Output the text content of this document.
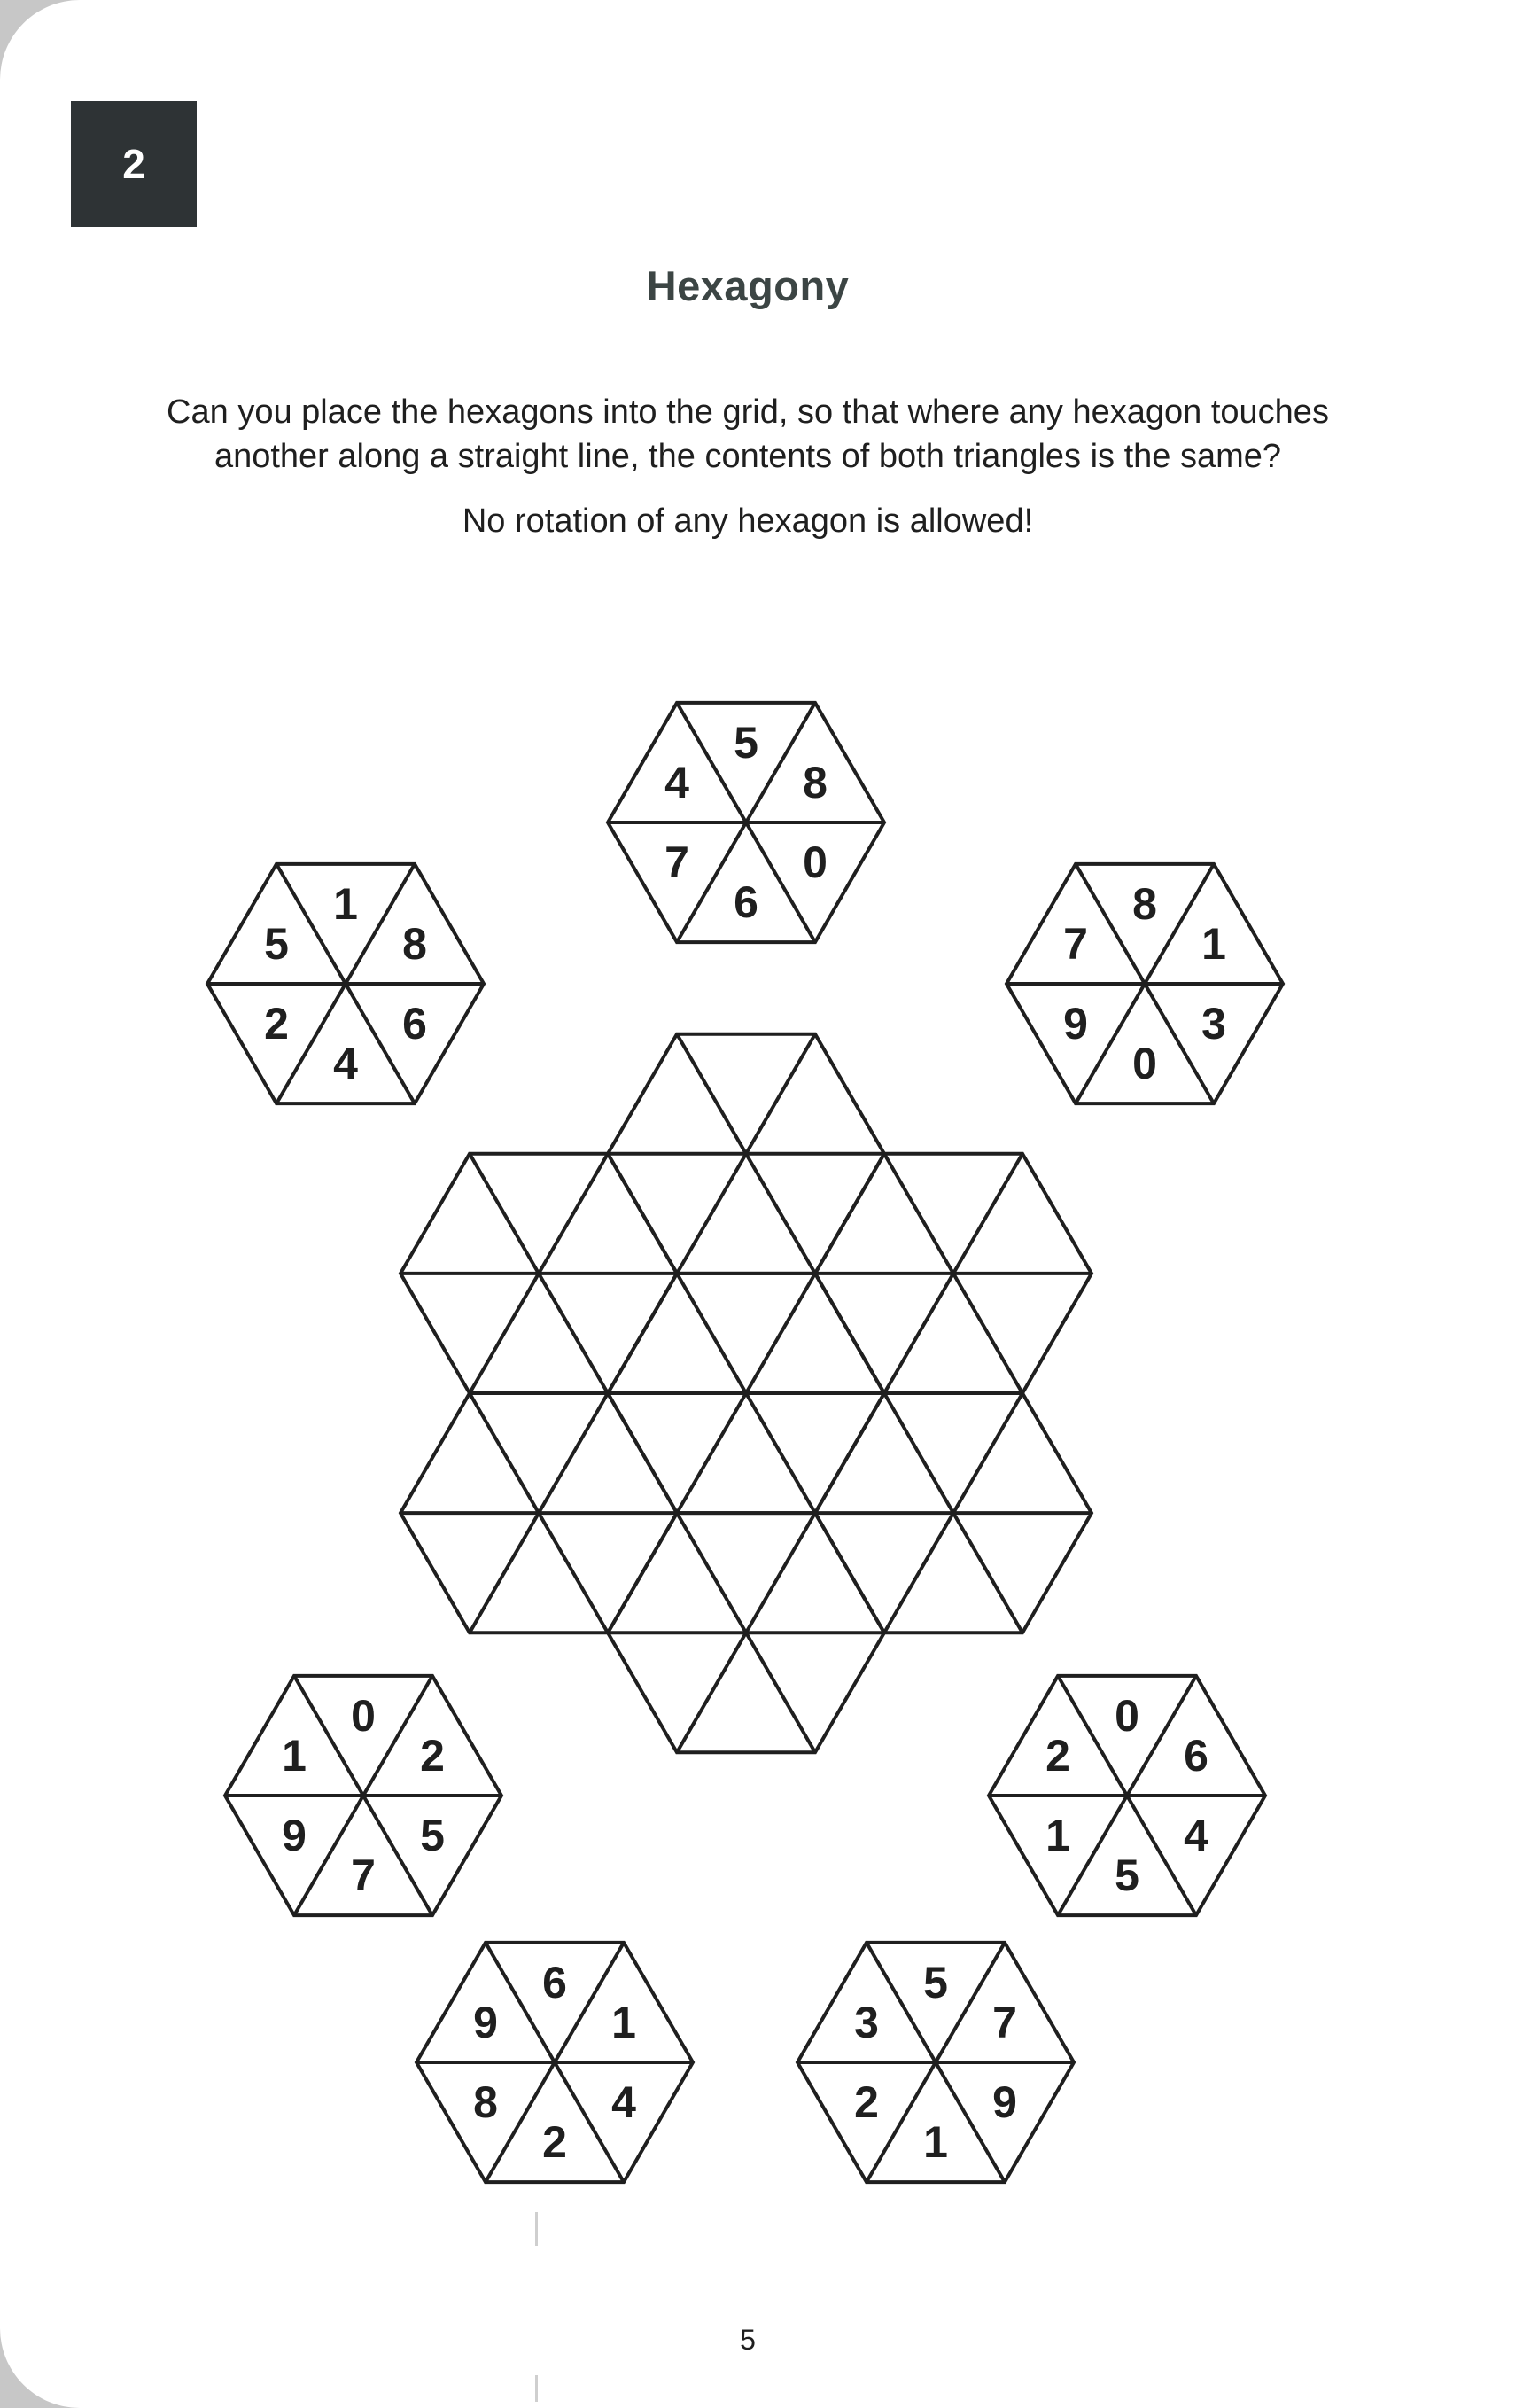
2
Hexagony
Can you place the hexagons into the grid, so that where any hexagon touches
another along a straight line, the contents of both triangles is the same?
No rotation of any hexagon is allowed!
5
8
0
6
7
4
1
8
6
4
2
5
8
1
3
0
9
7
0
2
5
7
9
1
0
6
4
5
1
2
6
1
4
2
8
9
5
7
9
1
2
3
5
